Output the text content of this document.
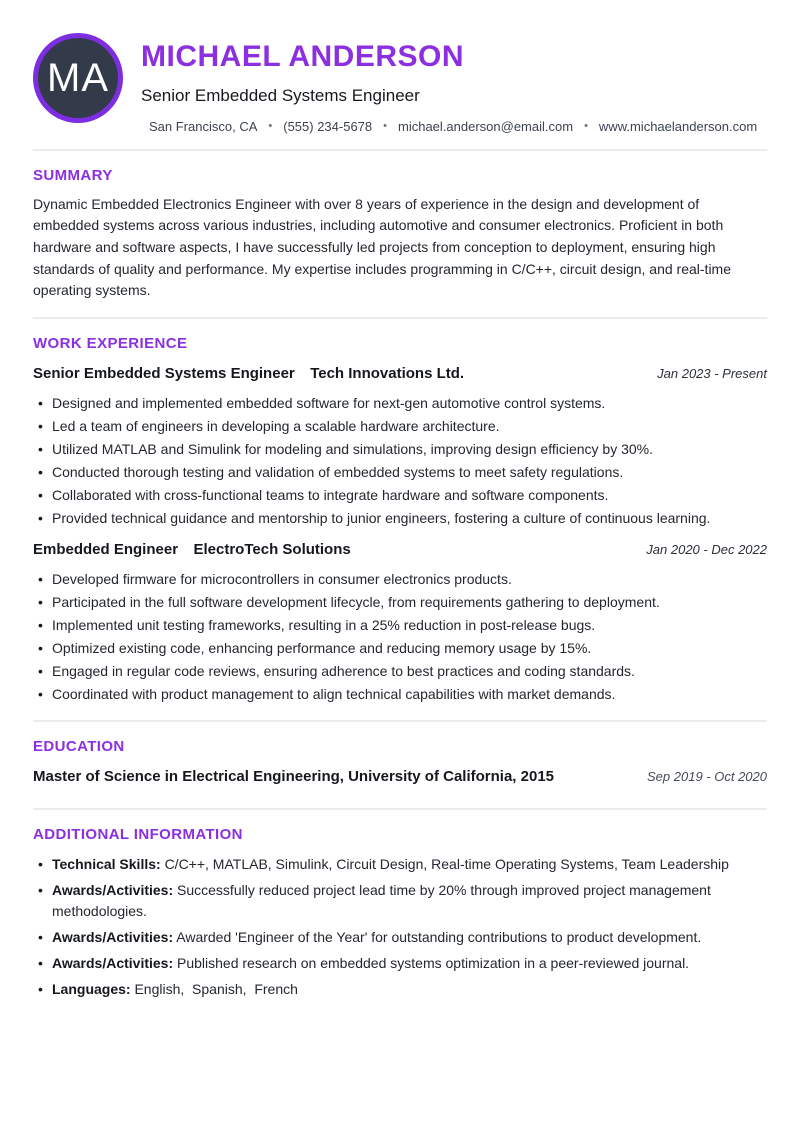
MA MICHAEL ANDERSON
Senior Embedded Systems Engineer
San Francisco, CA • (555) 234-5678 • michael.anderson@email.com • www.michaelanderson.com
SUMMARY

Dynamic Embedded Electronics Engineer with over 8 years of experience in the design and development of embedded systems across various industries, including automotive and consumer electronics. Proficient in both hardware and software aspects, I have successfully led projects from conception to deployment, ensuring high standards of quality and performance. My expertise includes programming in C/C++, circuit design, and real-time operating systems.

WORK EXPERIENCE
Senior Embedded Systems Engineer Tech Innovations Ltd.	Jan 2023 - Present
• Designed and implemented embedded software for next-gen automotive control systems.
• Led a team of engineers in developing a scalable hardware architecture.
• Utilized MATLAB and Simulink for modeling and simulations, improving design efficiency by 30%.
• Conducted thorough testing and validation of embedded systems to meet safety regulations.
• Collaborated with cross-functional teams to integrate hardware and software components.
• Provided technical guidance and mentorship to junior engineers, fostering a culture of continuous learning.
Embedded Engineer ElectroTech Solutions	Jan 2020 - Dec 2022
• Developed firmware for microcontrollers in consumer electronics products.
• Participated in the full software development lifecycle, from requirements gathering to deployment.
• Implemented unit testing frameworks, resulting in a 25% reduction in post-release bugs.
• Optimized existing code, enhancing performance and reducing memory usage by 15%.
• Engaged in regular code reviews, ensuring adherence to best practices and coding standards.
• Coordinated with product management to align technical capabilities with market demands.
EDUCATION
Master of Science in Electrical Engineering, University of California, 2015	Sep 2019 - Oct 2020
ADDITIONAL INFORMATION
• Technical Skills: C/C++, MATLAB, Simulink, Circuit Design, Real-time Operating Systems, Team Leadership
• Awards/Activities: Successfully reduced project lead time by 20% through improved project management methodologies.
• Awards/Activities: Awarded 'Engineer of the Year' for outstanding contributions to product development.
• Awards/Activities: Published research on embedded systems optimization in a peer-reviewed journal.
• Languages: English,  Spanish,  French
